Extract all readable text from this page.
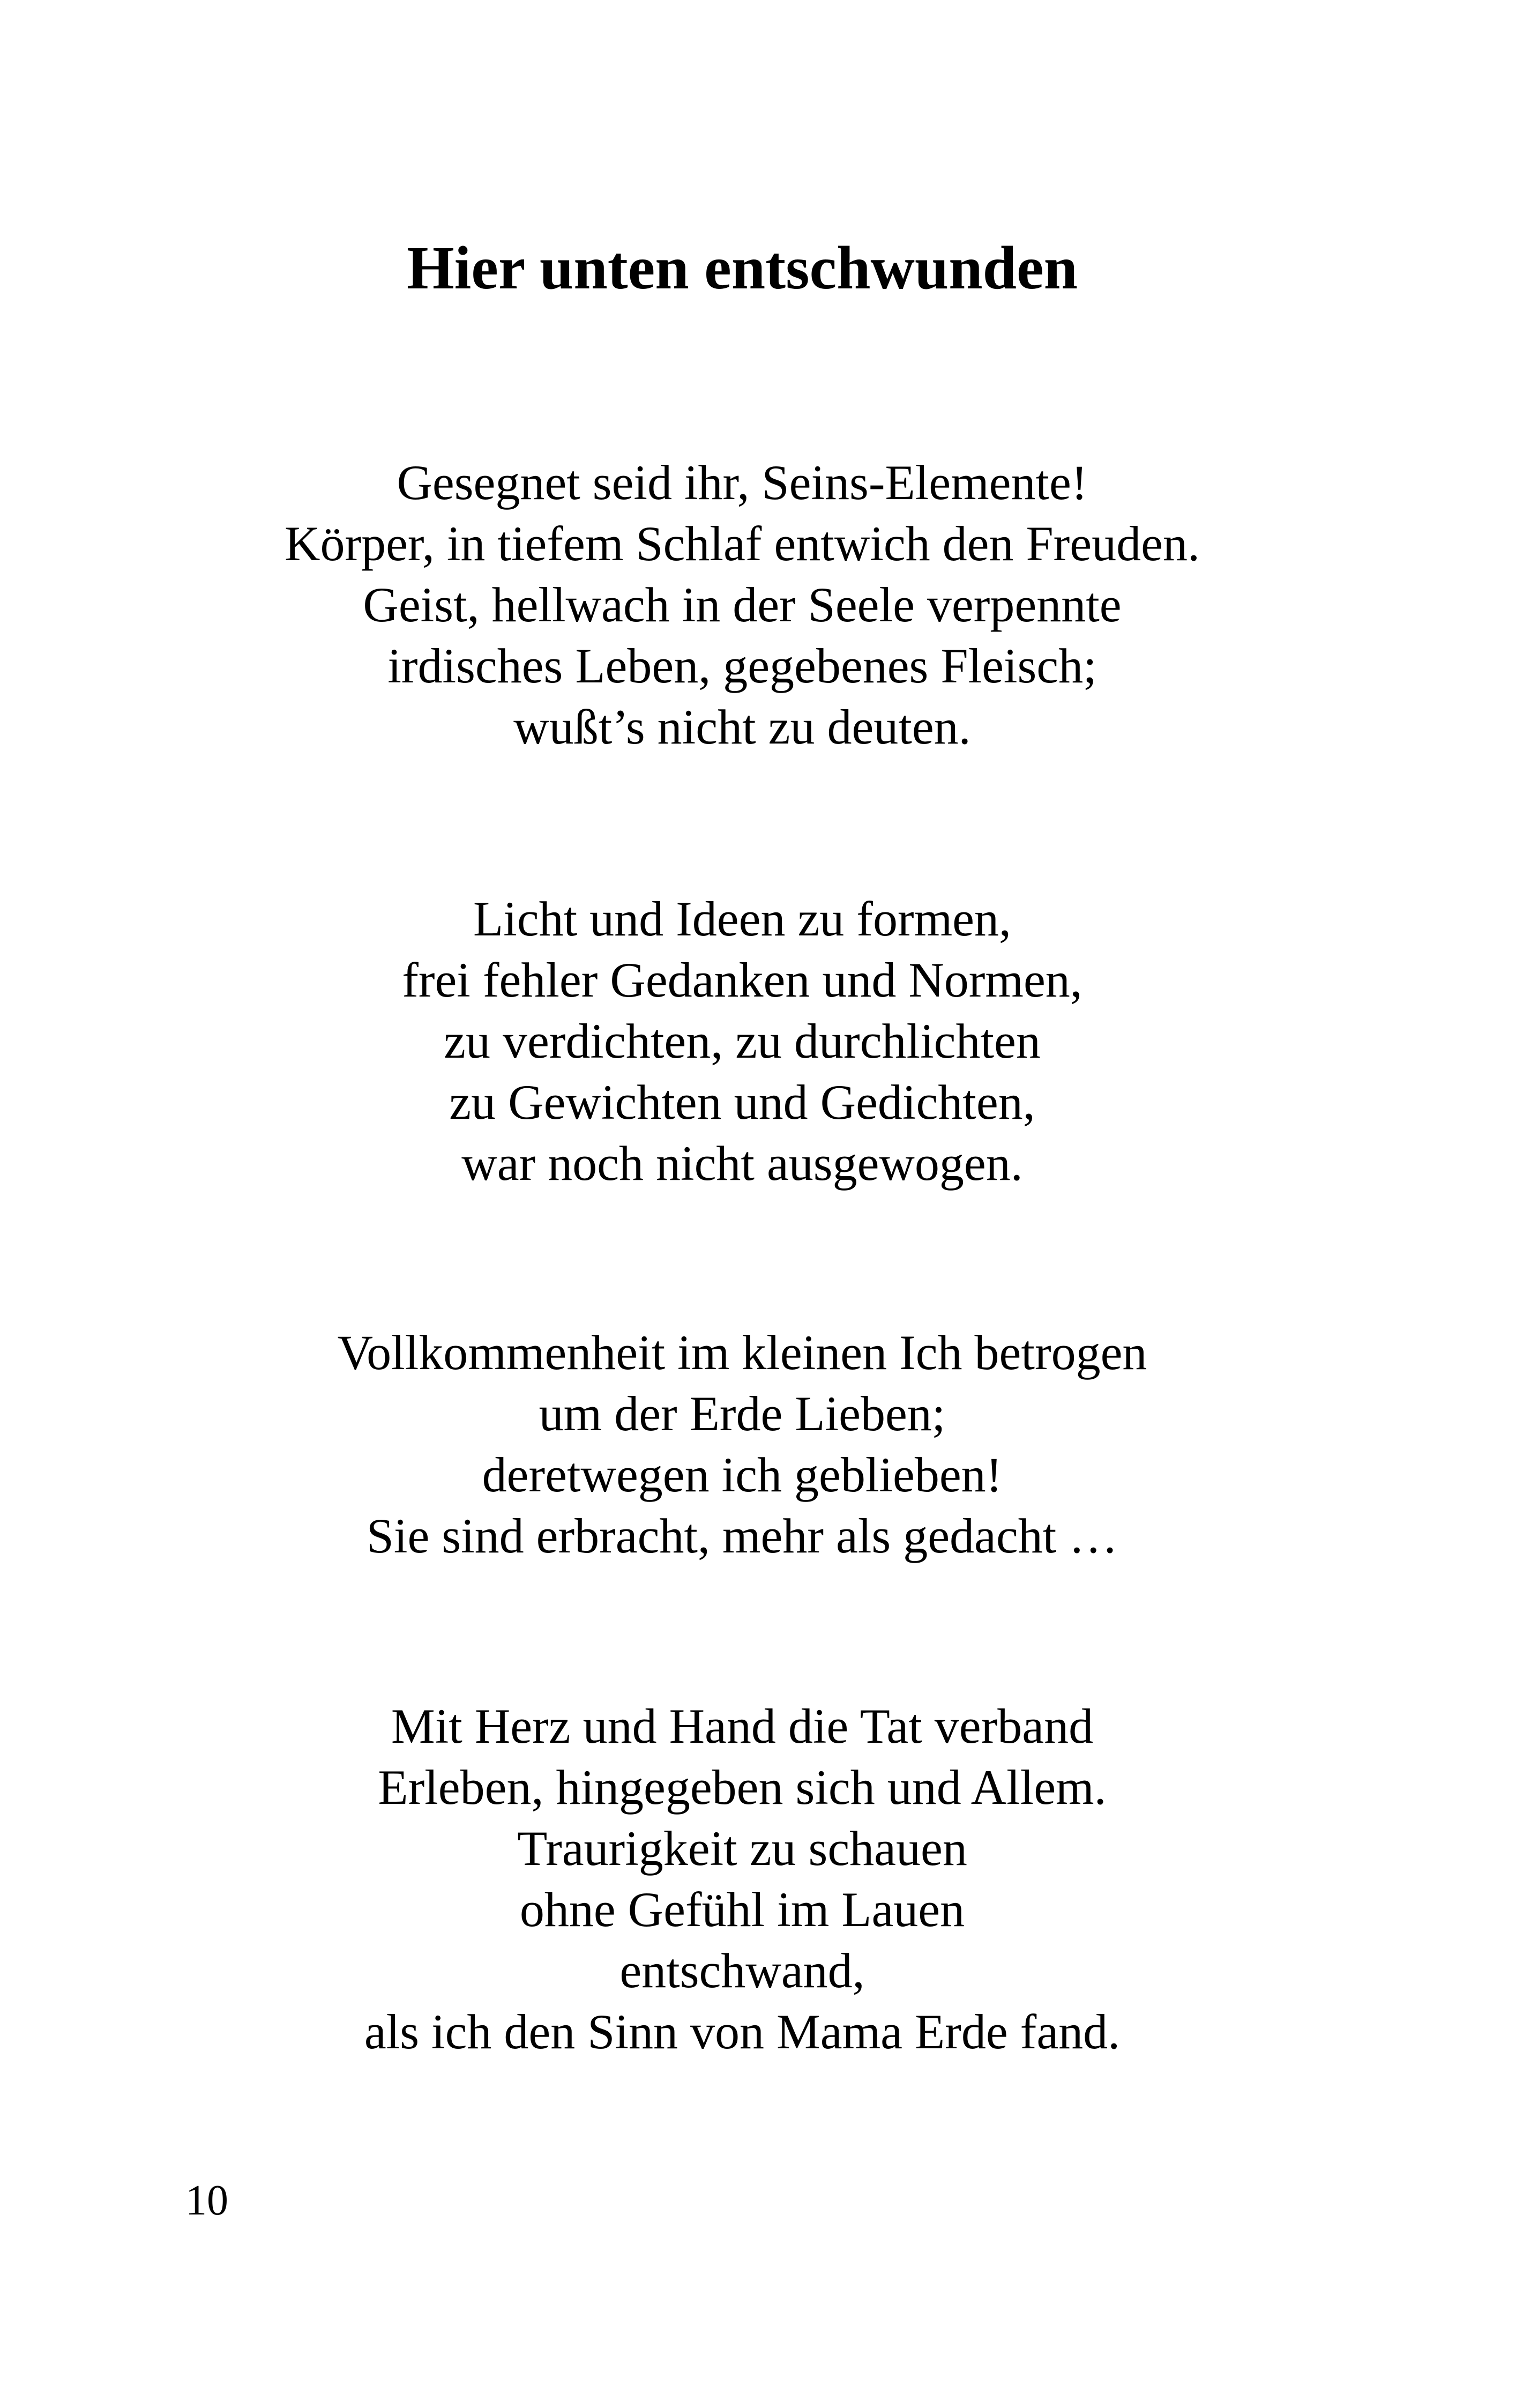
Hier unten entschwunden
Gesegnet seid ihr, Seins-Elemente!
Körper, in tiefem Schlaf entwich den Freuden.
Geist, hellwach in der Seele verpennte
irdisches Leben, gegebenes Fleisch;
wußt’s nicht zu deuten.
Licht und Ideen zu formen,
frei fehler Gedanken und Normen,
zu verdichten, zu durchlichten
zu Gewichten und Gedichten,
war noch nicht ausgewogen.
Vollkommenheit im kleinen Ich betrogen
um der Erde Lieben;
deretwegen ich geblieben!
Sie sind erbracht, mehr als gedacht …
Mit Herz und Hand die Tat verband
Erleben, hingegeben sich und Allem.
Traurigkeit zu schauen
ohne Gefühl im Lauen
entschwand,
als ich den Sinn von Mama Erde fand.
10
